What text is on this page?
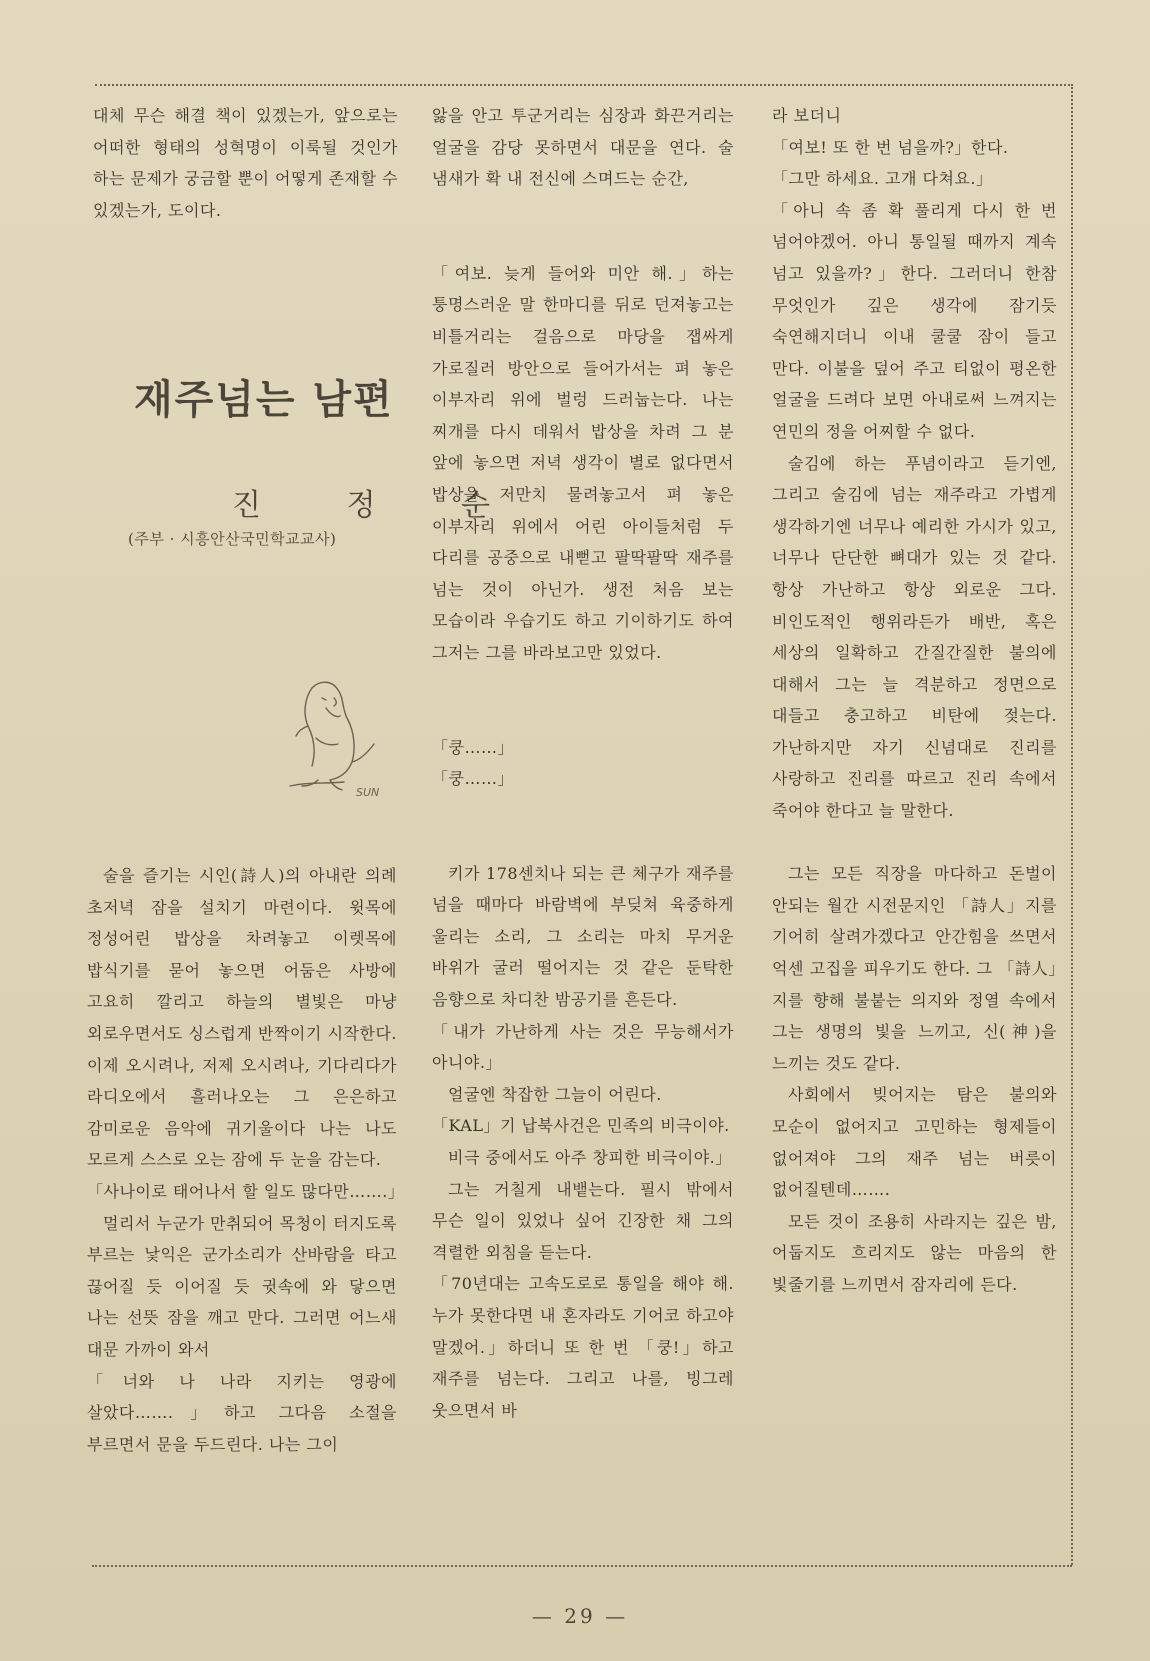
대체 무슨 해결 책이 있겠는가, 앞으로는 어떠한 형태의 성혁명이 이룩될 것인가 하는 문제가 궁금할 뿐이 어떻게 존재할 수 있겠는가, 도이다.

재주넘는 남편
진 정 순
(주부 · 시흥안산국민학교교사)
SUN

술을 즐기는 시인(詩人)의 아내란 의례 초저녁 잠을 설치기 마련이다. 윗목에 정성어린 밥상을 차려놓고 이렛목에 밥식기를 묻어 놓으면 어둠은 사방에 고요히 깔리고 하늘의 별빛은 마냥 외로우면서도 싱스럽게 반짝이기 시작한다. 이제 오시려나, 저제 오시려나, 기다리다가 라디오에서 흘러나오는 그 은은하고 감미로운 음악에 귀기울이다 나는 나도 모르게 스스로 오는 잠에 두 눈을 감는다.

「사나이로 태어나서 할 일도 많다만…….」

멀리서 누군가 만취되어 목청이 터지도록 부르는 낯익은 군가소리가 산바람을 타고 끊어질 듯 이어질 듯 귓속에 와 닿으면 나는 선뜻 잠을 깨고 만다. 그러면 어느새 대문 가까이 와서

「너와 나 나라 지키는 영광에 살았다…….」하고 그다음 소절을 부르면서 문을 두드린다. 나는 그이

앓을 안고 투군거리는 심장과 화끈거리는 얼굴을 감당 못하면서 대문을 연다. 술 냄새가 확 내 전신에 스며드는 순간,

「여보. 늦게 들어와 미안 해.」하는 퉁명스러운 말 한마디를 뒤로 던져놓고는 비틀거리는 걸음으로 마당을 잽싸게 가로질러 방안으로 들어가서는 펴 놓은 이부자리 위에 벌렁 드러눕는다. 나는 찌개를 다시 데워서 밥상을 차려 그 분 앞에 놓으면 저녁 생각이 별로 없다면서 밥상을 저만치 물려놓고서 펴 놓은 이부자리 위에서 어린 아이들처럼 두 다리를 공중으로 내뻗고 팔딱팔딱 재주를 넘는 것이 아닌가. 생전 처음 보는 모습이라 우습기도 하고 기이하기도 하여 그저는 그를 바라보고만 있었다.

「쿵……」

「쿵……」

키가 178센치나 되는 큰 체구가 재주를 넘을 때마다 바람벽에 부딪쳐 육중하게 울리는 소리, 그 소리는 마치 무거운 바위가 굴러 떨어지는 것 같은 둔탁한 음향으로 차디찬 밤공기를 흔든다.

「내가 가난하게 사는 것은 무능해서가 아니야.」

얼굴엔 착잡한 그늘이 어린다.

「KAL」기 납북사건은 민족의 비극이야.

비극 중에서도 아주 창피한 비극이야.」

그는 거칠게 내뱉는다. 필시 밖에서 무슨 일이 있었나 싶어 긴장한 채 그의 격렬한 외침을 듣는다.

「70년대는 고속도로로 통일을 해야 해. 누가 못한다면 내 혼자라도 기어코 하고야 말겠어.」하더니 또 한 번 「쿵!」하고 재주를 넘는다. 그리고 나를, 빙그레 웃으면서 바

라 보더니

「여보! 또 한 번 넘을까?」한다.

「그만 하세요. 고개 다쳐요.」

「아니 속 좀 확 풀리게 다시 한 번 넘어야겠어. 아니 통일될 때까지 계속 넘고 있을까?」한다. 그러더니 한참 무엇인가 깊은 생각에 잠기듯 숙연해지더니 이내 쿨쿨 잠이 들고 만다. 이불을 덮어 주고 티없이 평온한 얼굴을 드려다 보면 아내로써 느껴지는 연민의 정을 어찌할 수 없다.

술김에 하는 푸념이라고 듣기엔, 그리고 술김에 넘는 재주라고 가볍게 생각하기엔 너무나 예리한 가시가 있고, 너무나 단단한 뼈대가 있는 것 같다. 항상 가난하고 항상 외로운 그다. 비인도적인 행위라든가 배반, 혹은 세상의 일확하고 간질간질한 불의에 대해서 그는 늘 격분하고 정면으로 대들고 충고하고 비탄에 젖는다. 가난하지만 자기 신념대로 진리를 사랑하고 진리를 따르고 진리 속에서 죽어야 한다고 늘 말한다.

그는 모든 직장을 마다하고 돈벌이 안되는 월간 시전문지인 「詩人」지를 기어히 살려가겠다고 안간힘을 쓰면서 억센 고집을 피우기도 한다. 그 「詩人」지를 향해 불붙는 의지와 정열 속에서 그는 생명의 빛을 느끼고, 신(神)을 느끼는 것도 같다.

사회에서 빚어지는 탐은 불의와 모순이 없어지고 고민하는 형제들이 없어져야 그의 재주 넘는 버릇이 없어질텐데…….

모든 것이 조용히 사라지는 깊은 밤, 어둡지도 흐리지도 않는 마음의 한 빛줄기를 느끼면서 잠자리에 든다.

— 29 —
